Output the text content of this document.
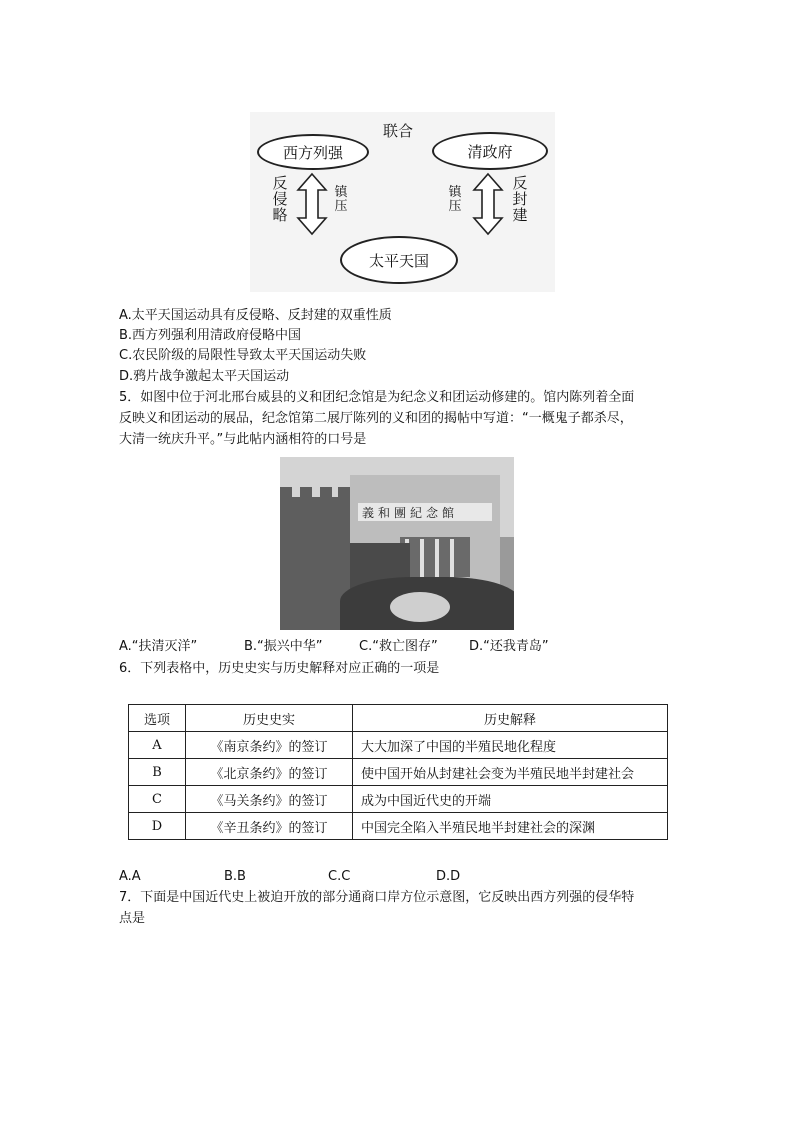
联合
西方列强	清政府
太平天国
反侵略
镇压
镇压
反封建
A.太平天国运动具有反侵略、反封建的双重性质
B.西方列强利用清政府侵略中国
C.农民阶级的局限性导致太平天国运动失败
D.鸦片战争激起太平天国运动
5．如图中位于河北邢台威县的义和团纪念馆是为纪念义和团运动修建的。馆内陈列着全面
反映义和团运动的展品，纪念馆第二展厅陈列的义和团的揭帖中写道：“一概鬼子都杀尽，
大清一统庆升平。”与此帖内涵相符的口号是
義和團紀念館
A.“扶清灭洋”	B.“振兴中华”	C.“救亡图存” D.“还我青岛”
6．下列表格中，历史史实与历史解释对应正确的一项是
选项	历史史实	历史解释
A	《南京条约》的签订	大大加深了中国的半殖民地化程度
B	《北京条约》的签订	使中国开始从封建社会变为半殖民地半封建社会
C	《马关条约》的签订	成为中国近代史的开端
D	《辛丑条约》的签订	中国完全陷入半殖民地半封建社会的深渊
A.A	B.B	C.C	D.D
7．下面是中国近代史上被迫开放的部分通商口岸方位示意图，它反映出西方列强的侵华特
点是
